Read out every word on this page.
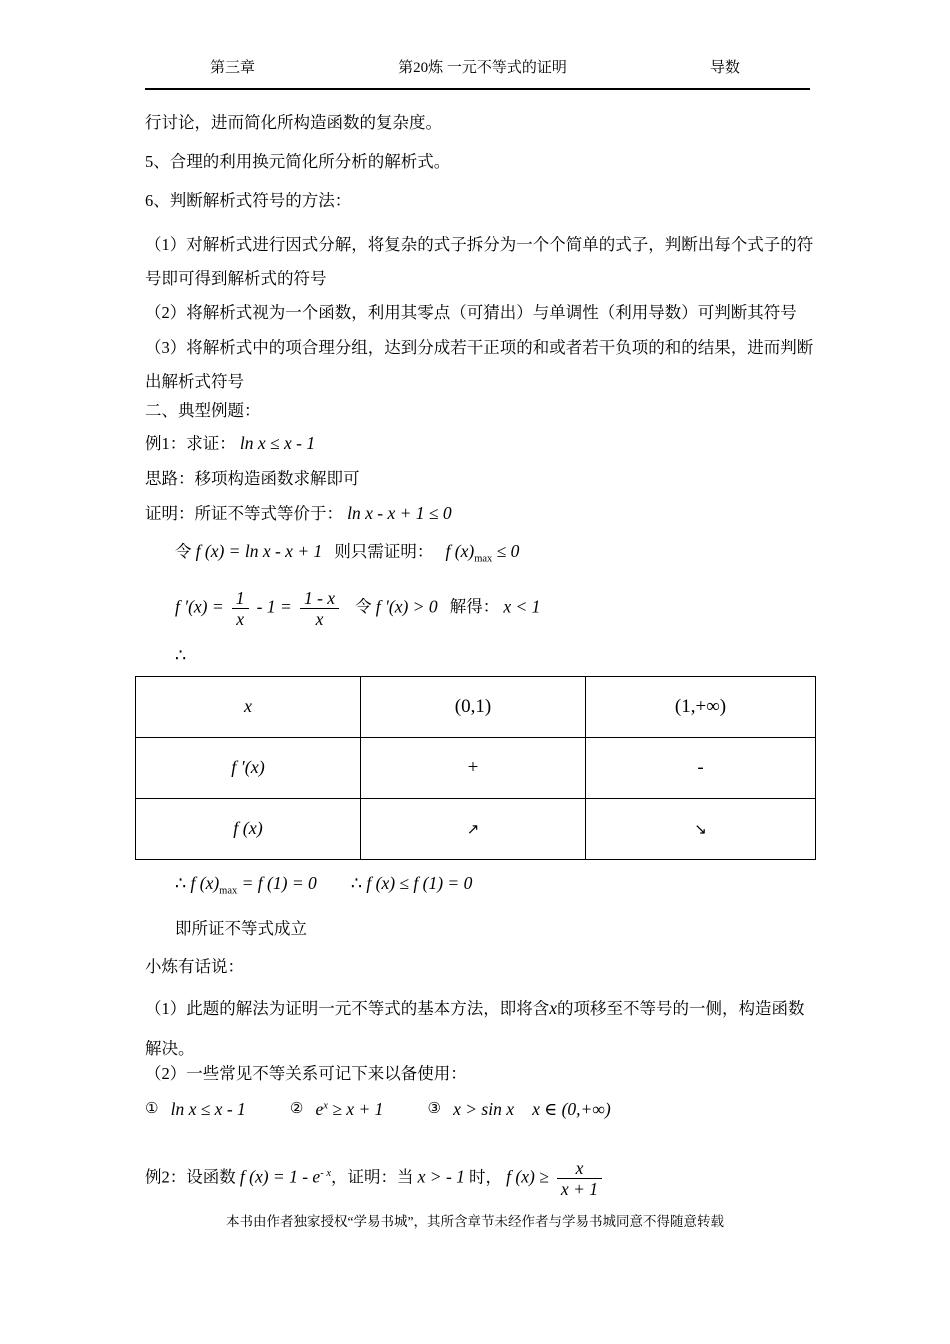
第三章	第20炼 一元不等式的证明	导数
行讨论，进而简化所构造函数的复杂度。
5、合理的利用换元简化所分析的解析式。
6、判断解析式符号的方法：
（1）对解析式进行因式分解，将复杂的式子拆分为一个个简单的式子，判断出每个式子的符号即可得到解析式的符号
（2）将解析式视为一个函数，利用其零点（可猜出）与单调性（利用导数）可判断其符号
（3）将解析式中的项合理分组，达到分成若干正项的和或者若干负项的和的结果，进而判断出解析式符号
二、典型例题：
例1：求证： ln x ≤ x - 1
思路：移项构造函数求解即可
证明：所证不等式等价于： ln x - x + 1 ≤ 0
令 f (x) = ln x - x + 1 则只需证明： f $(x)_{max} \le 0$
f $'(x) = \frac{1}{x} - 1 = \frac{1 - x}{x}$ 令 f ′(x) > 0 解得： x < 1
∴
x	(0,1)	(1,+∞)
f ′(x)	+	-
f (x)	↗	↘
∴ f $(x)_{max} = f$ (1) = 0 ∴ f (x) ≤ f (1) = 0
即所证不等式成立
小炼有话说：
（1）此题的解法为证明一元不等式的基本方法，即将含x的项移至不等号的一侧，构造函数解决。
（2）一些常见不等关系可记下来以备使用：
① ln x ≤ x - 1	② $e^x \ge x + 1$	③ x > sin x x ∈ (0,+∞)
例2：设函数 f $(x) = 1 - e^{- x}$，证明：当 x > - 1 时， f $(x) \ge \frac{x}{x + 1}$
本书由作者独家授权“学易书城”，其所含章节未经作者与学易书城同意不得随意转载
